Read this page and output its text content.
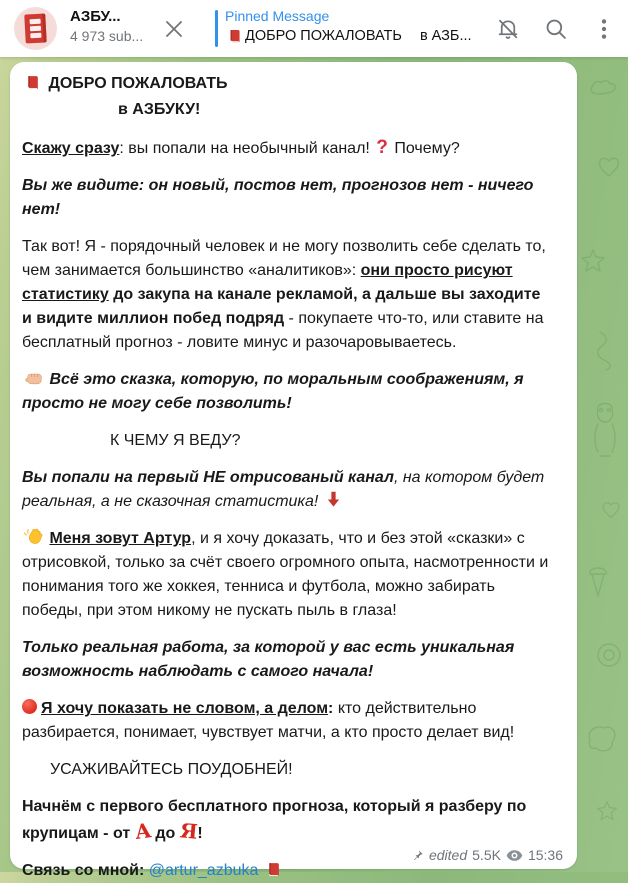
АЗБУ...
4 973 sub...
Pinned Message
ДОБРО ПОЖАЛОВАТЬ в АЗБ...

ДОБРО ПОЖАЛОВАТЬ
в АЗБУКУ!

Скажу сразу: вы попали на необычный канал! ? Почему?

Вы же видите: он новый, постов нет, прогнозов нет - ничего нет!

Так вот! Я - порядочный человек и не могу позволить себе сделать то, чем занимается большинство «аналитиков»: они просто рисуют статистику до закупа на канале рекламой, а дальше вы заходите и видите миллион побед подряд - покупаете что-то, или ставите на бесплатный прогноз - ловите минус и разочаровываетесь.

Всё это сказка, которую, по моральным соображениям, я просто не могу себе позволить!

К ЧЕМУ Я ВЕДУ?

Вы попали на первый НЕ отрисованый канал, на котором будет реальная, а не сказочная статистика!

Меня зовут Артур, и я хочу доказать, что и без этой «сказки» с отрисовкой, только за счёт своего огромного опыта, насмотренности и понимания того же хоккея, тенниса и футбола, можно забирать победы, при этом никому не пускать пыль в глаза!

Только реальная работа, за которой у вас есть уникальная возможность наблюдать с самого начала!

Я хочу показать не словом, а делом: кто действительно разбирается, понимает, чувствует матчи, а кто просто делает вид!

УСАЖИВАЙТЕСЬ ПОУДОБНЕЙ!

Начнём с первого бесплатного прогноза, который я разберу по крупицам - от А до Я!

Связь со мной: @artur_azbuka

edited 5.5K 15:36
